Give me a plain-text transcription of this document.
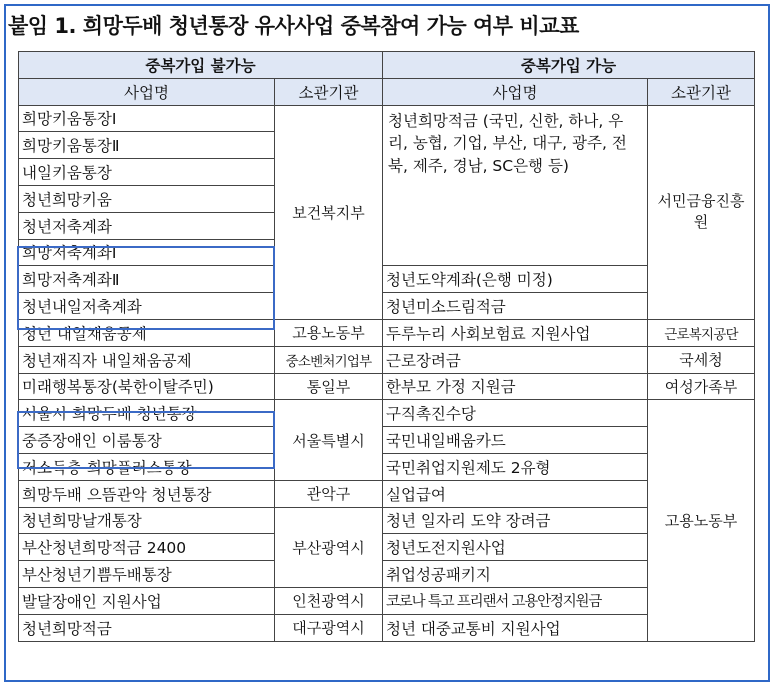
붙임 1. 희망두배 청년통장 유사사업 중복참여 가능 여부 비교표
중복가입 불가능		중복가입 가능	
사업명	소관기관	사업명	소관기관
희망키움통장Ⅰ	보건복지부	청년희망적금 (국민, 신한, 하나, 우리, 농협, 기업, 부산, 대구, 광주, 전북, 제주, 경남, SC은행 등)	서민금융진흥원
희망키움통장Ⅱ			
내일키움통장			
청년희망키움			
청년저축계좌			
희망저축계좌Ⅰ			
희망저축계좌Ⅱ		청년도약계좌(은행 미정)	
청년내일저축계좌		청년미소드림적금	
청년 내일채움공제	고용노동부	두루누리 사회보험료 지원사업	근로복지공단
청년재직자 내일채움공제	중소벤처기업부	근로장려금	국세청
미래행복통장(북한이탈주민)	통일부	한부모 가정 지원금	여성가족부
서울시 희망두배 청년통장	서울특별시	구직촉진수당	고용노동부
중증장애인 이룸통장		국민내일배움카드	
저소득층 희망플러스통장		국민취업지원제도 2유형	
희망두배 으뜸관악 청년통장	관악구	실업급여	
청년희망날개통장	부산광역시	청년 일자리 도약 장려금	
부산청년희망적금 2400		청년도전지원사업	
부산청년기쁨두배통장		취업성공패키지	
발달장애인 지원사업	인천광역시	코로나 특고 프리랜서 고용안정지원금	
청년희망적금	대구광역시	청년 대중교통비 지원사업	
